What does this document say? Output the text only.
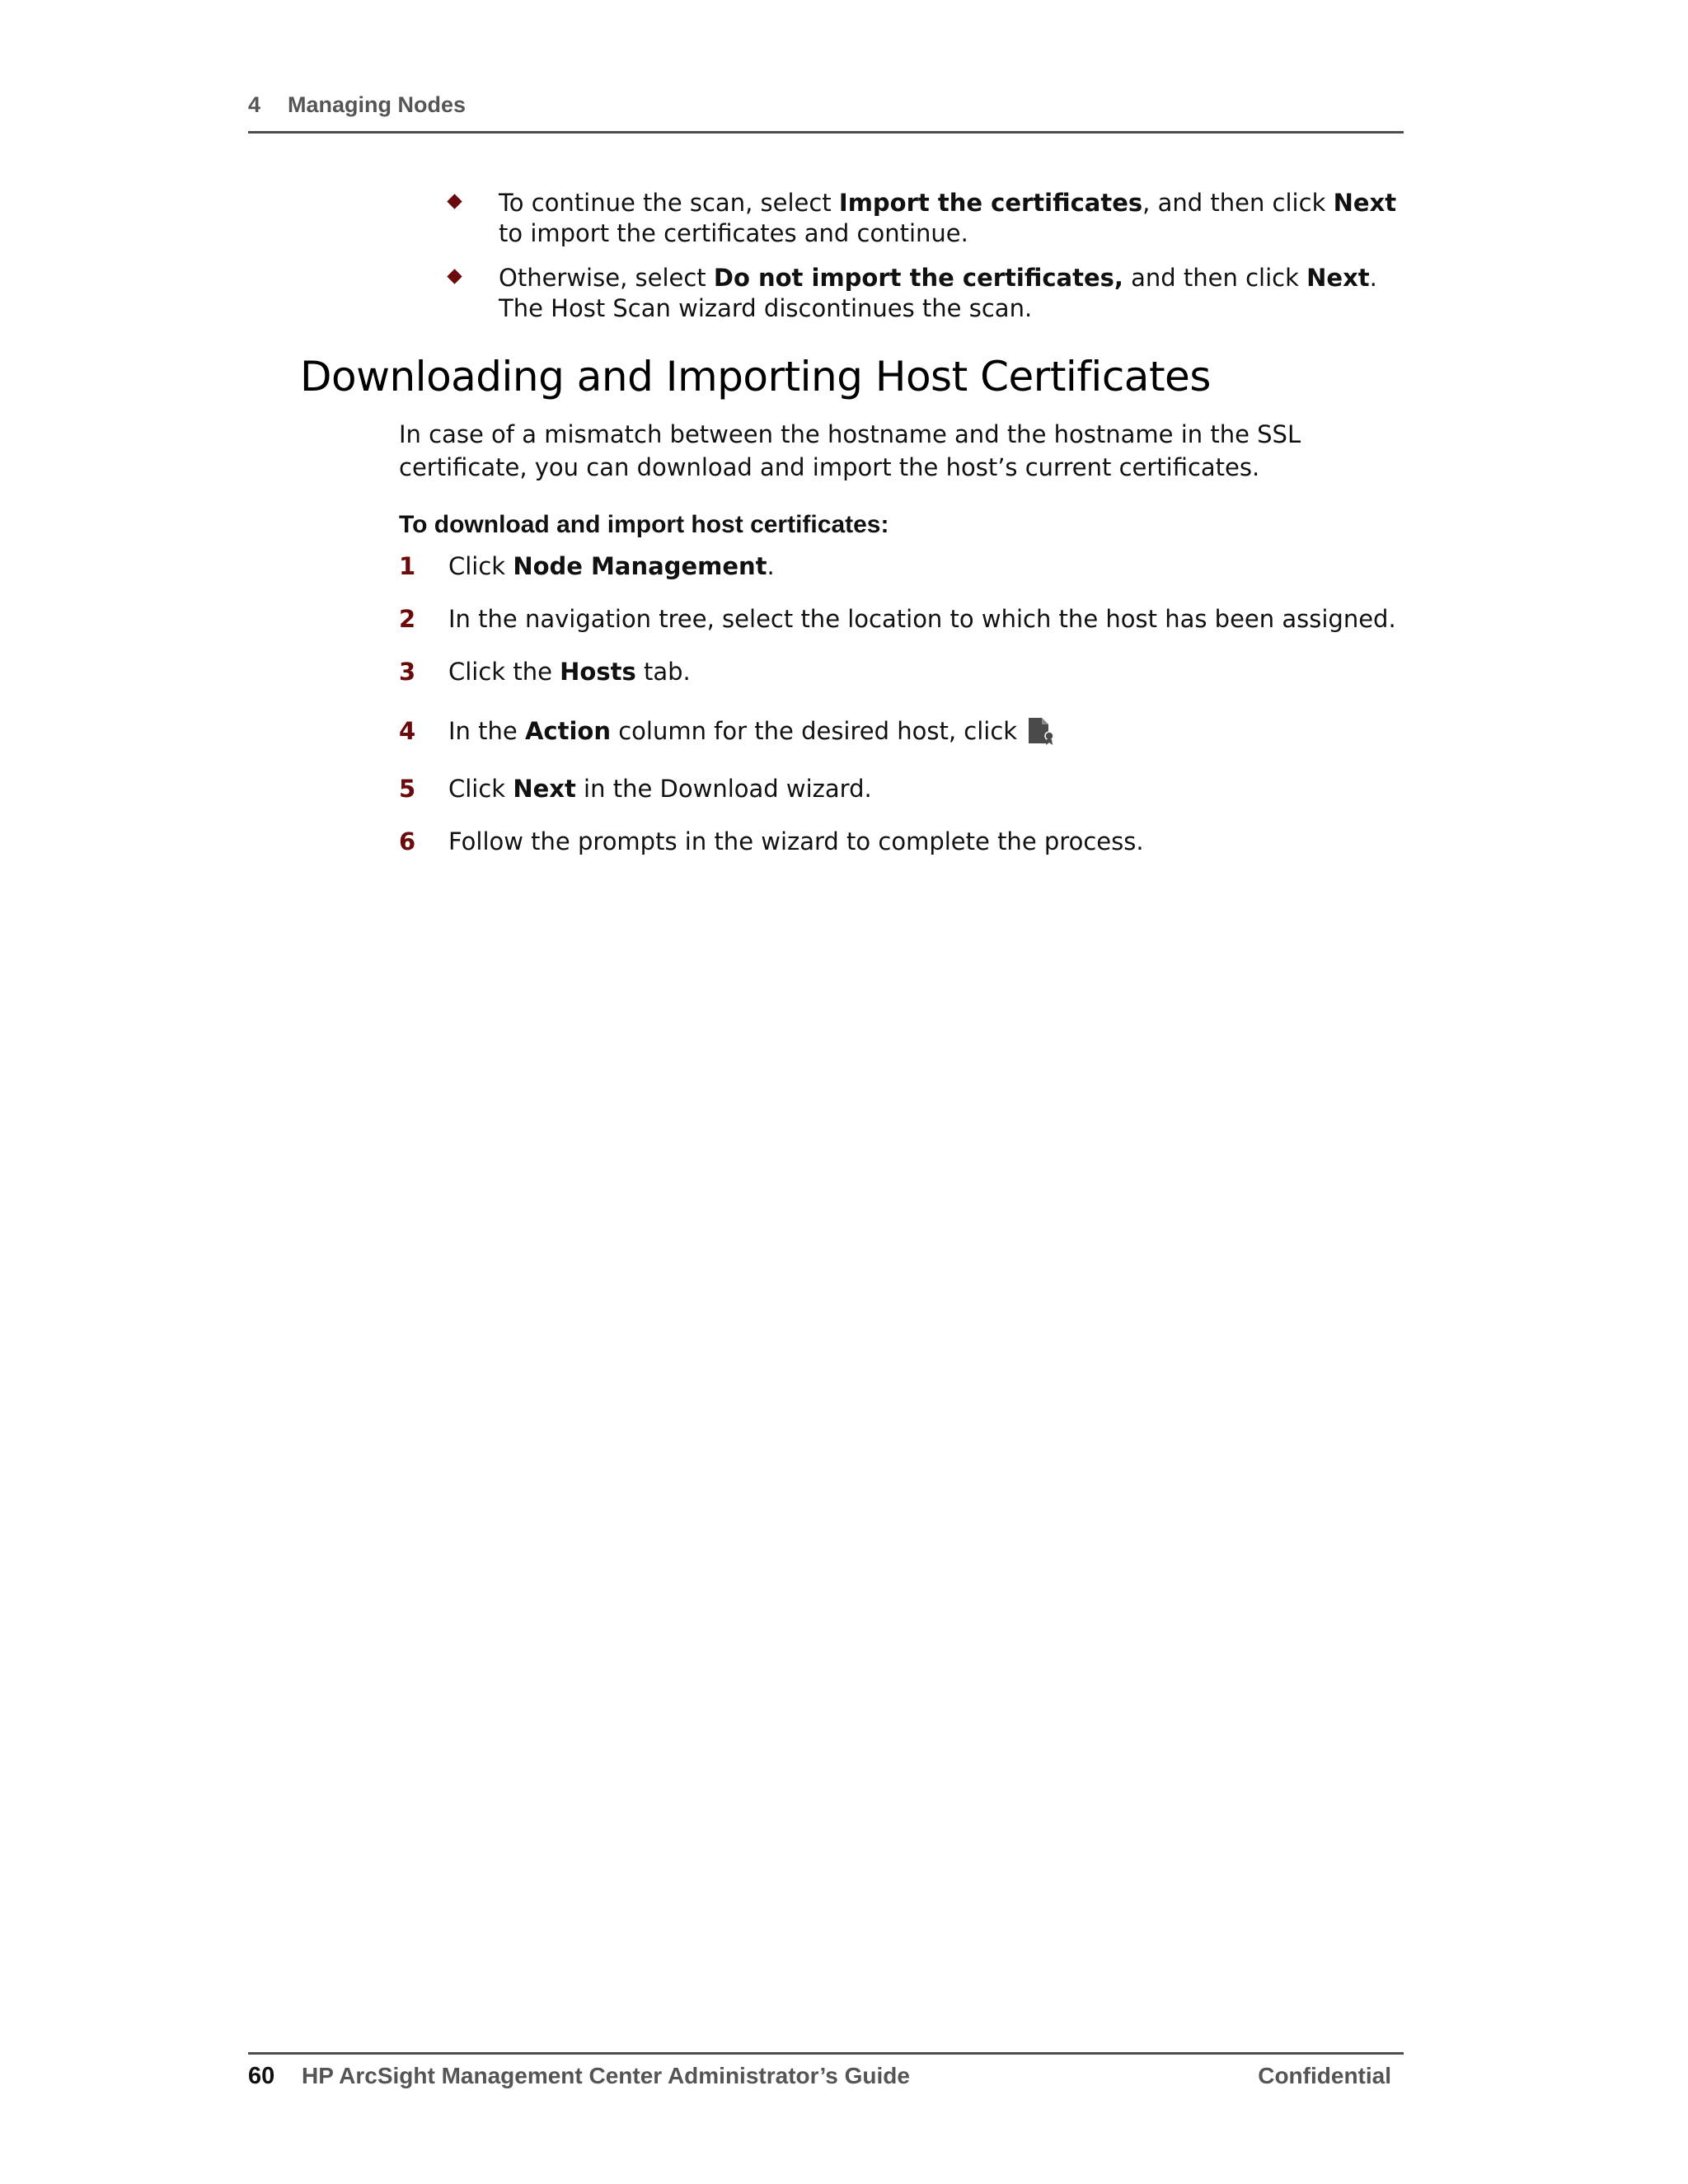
4 Managing Nodes
To continue the scan, select Import the certificates, and then click Next to import the certificates and continue.
Otherwise, select Do not import the certificates, and then click Next. The Host Scan wizard discontinues the scan.
Downloading and Importing Host Certificates

In case of a mismatch between the hostname and the hostname in the SSL certificate, you can download and import the host’s current certificates.

To download and import host certificates:
1 Click Node Management.
2 In the navigation tree, select the location to which the host has been assigned.
3 Click the Hosts tab.
4 In the Action column for the desired host, click
5 Click Next in the Download wizard.
6 Follow the prompts in the wizard to complete the process.
60 HP ArcSight Management Center Administrator’s Guide	Confidential
